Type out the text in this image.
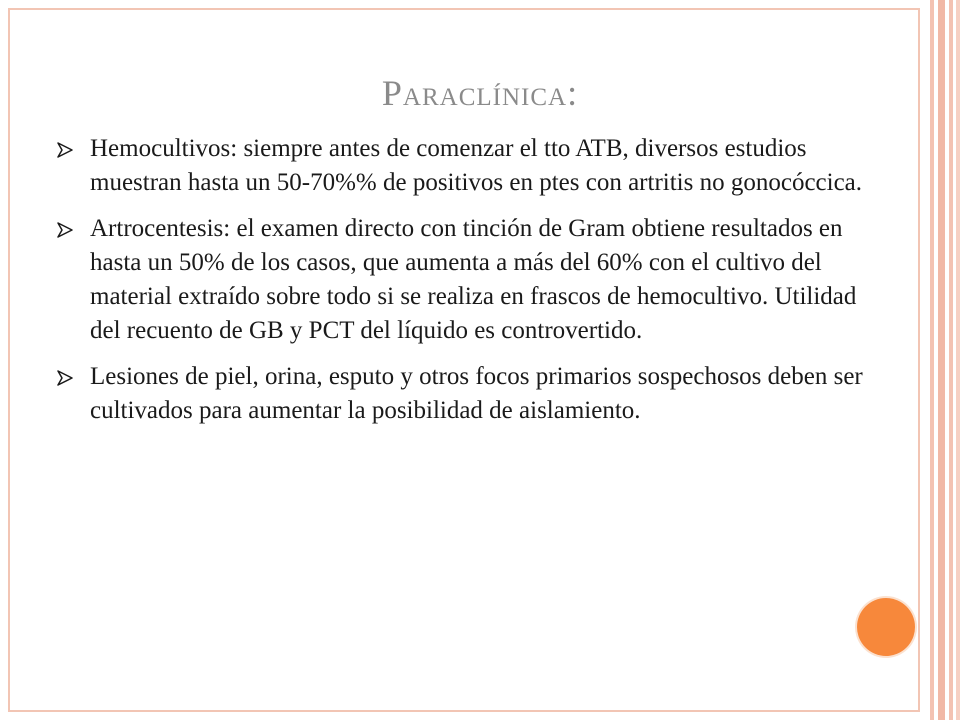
Paraclínica:
Hemocultivos: siempre antes de comenzar el tto ATB, diversos estudios muestran hasta un 50-70%% de positivos en ptes con artritis no gonocóccica.
Artrocentesis: el examen directo con tinción de Gram obtiene resultados en hasta un 50% de los casos, que aumenta a más del 60% con el cultivo del material extraído sobre todo si se realiza en frascos de hemocultivo. Utilidad del recuento de GB y PCT del líquido es controvertido.
Lesiones de piel, orina, esputo y otros focos primarios sospechosos deben ser cultivados para aumentar la posibilidad de aislamiento.
